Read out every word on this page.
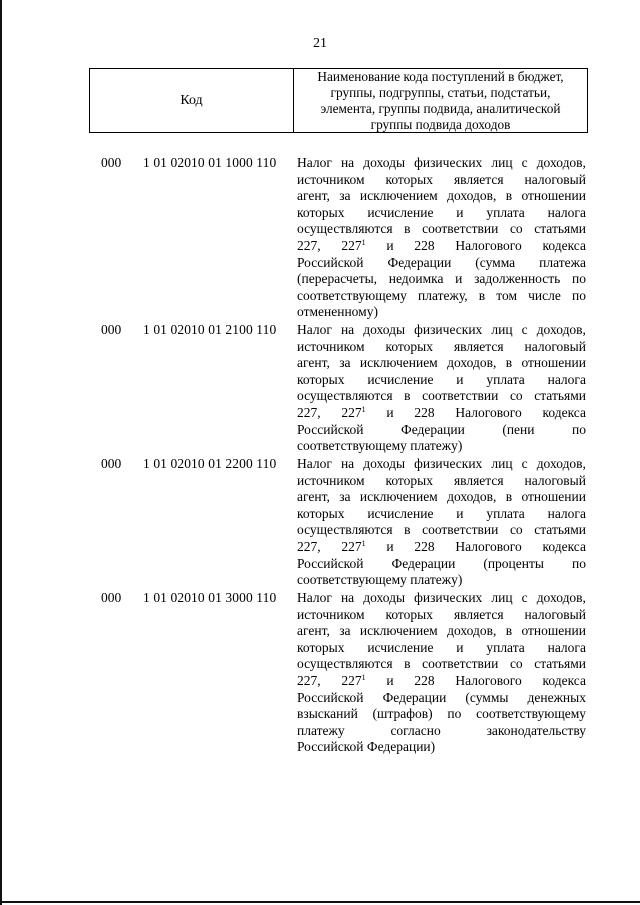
21
Код
Наименование кода поступлений в бюджет,
группы, подгруппы, статьи, подстатьи,
элемента, группы подвида, аналитической
группы подвида доходов
000 1 01 02010 01 1000 110 Налог на доходы физических лиц с доходов,
источником которых является налоговый
агент, за исключением доходов, в отношении
которых исчисление и уплата налога
осуществляются в соответствии со статьями
227, $227^1$ и 228 Налогового кодекса
Российской Федерации (сумма платежа
(перерасчеты, недоимка и задолженность по
соответствующему платежу, в том числе по
отмененному)
000 1 01 02010 01 2100 110 Налог на доходы физических лиц с доходов,
источником которых является налоговый
агент, за исключением доходов, в отношении
которых исчисление и уплата налога
осуществляются в соответствии со статьями
227, $227^1$ и 228 Налогового кодекса
Российской	Федерации	(пени	по
соответствующему платежу)
000 1 01 02010 01 2200 110 Налог на доходы физических лиц с доходов,
источником которых является налоговый
агент, за исключением доходов, в отношении
которых исчисление и уплата налога
осуществляются в соответствии со статьями
227, $227^1$ и 228 Налогового кодекса
Российской Федерации (проценты по
соответствующему платежу)
000 1 01 02010 01 3000 110 Налог на доходы физических лиц с доходов,
источником которых является налоговый
агент, за исключением доходов, в отношении
которых исчисление и уплата налога
осуществляются в соответствии со статьями
227, $227^1$ и 228 Налогового кодекса
Российской Федерации (суммы денежных
взысканий (штрафов) по соответствующему
платежу	согласно	законодательству
Российской Федерации)
